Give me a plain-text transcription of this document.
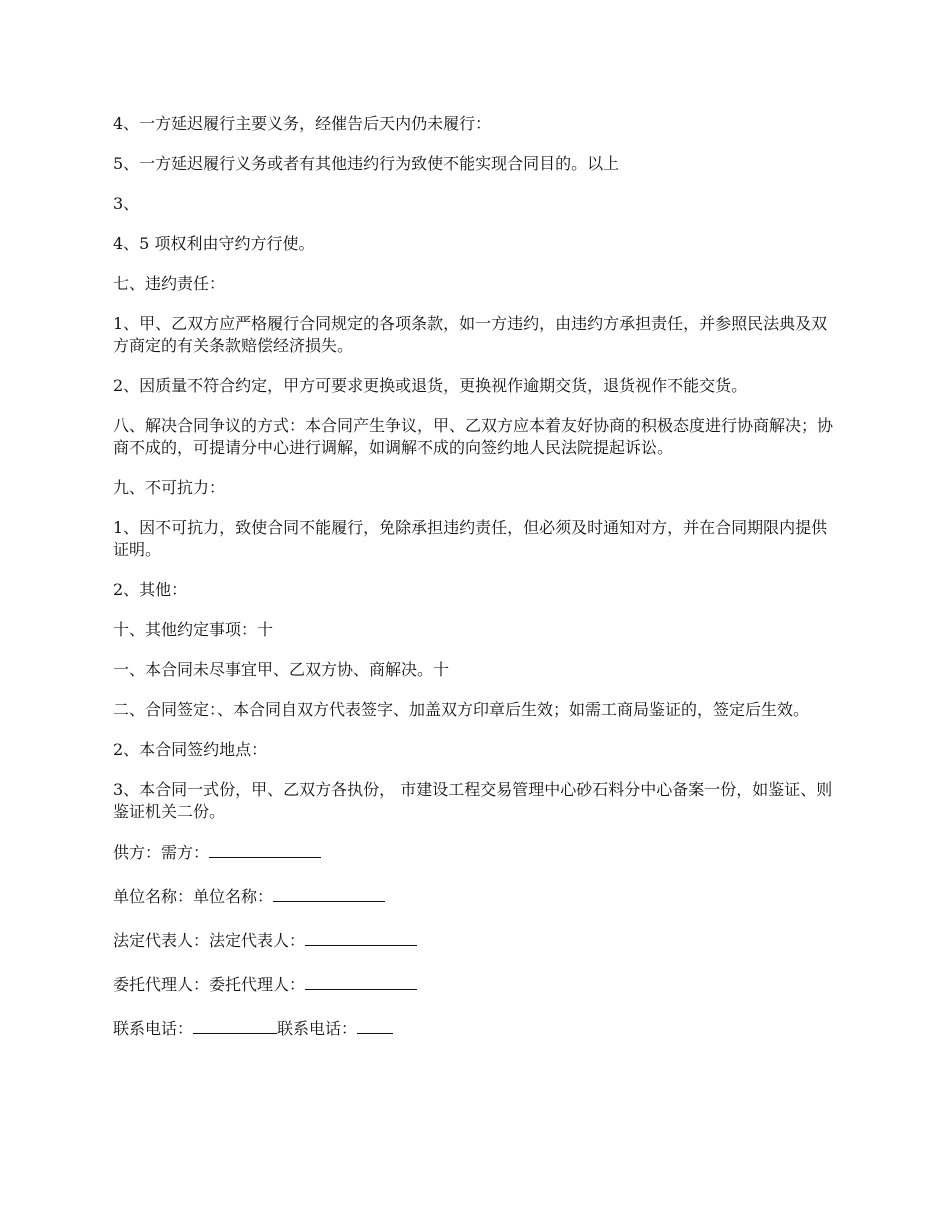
4、一方延迟履行主要义务，经催告后天内仍未履行：

5、一方延迟履行义务或者有其他违约行为致使不能实现合同目的。以上

3、

4、5 项权利由守约方行使。

七、违约责任：

1、甲、乙双方应严格履行合同规定的各项条款，如一方违约，由违约方承担责任，并参照民法典及双方商定的有关条款赔偿经济损失。

2、因质量不符合约定，甲方可要求更换或退货，更换视作逾期交货，退货视作不能交货。

八、解决合同争议的方式：本合同产生争议，甲、乙双方应本着友好协商的积极态度进行协商解决；协商不成的，可提请分中心进行调解，如调解不成的向签约地人民法院提起诉讼。

九、不可抗力：

1、因不可抗力，致使合同不能履行，免除承担违约责任，但必须及时通知对方，并在合同期限内提供证明。

2、其他：

十、其他约定事项：十

一、本合同未尽事宜甲、乙双方协、商解决。十

二、合同签定：、本合同自双方代表签字、加盖双方印章后生效；如需工商局鉴证的，签定后生效。

2、本合同签约地点：

3、本合同一式份，甲、乙双方各执份， 市建设工程交易管理中心砂石料分中心备案一份，如鉴证、则鉴证机关二份。

供方：需方：

单位名称：单位名称：

法定代表人：法定代表人：

委托代理人：委托代理人：

联系电话：	联系电话：
